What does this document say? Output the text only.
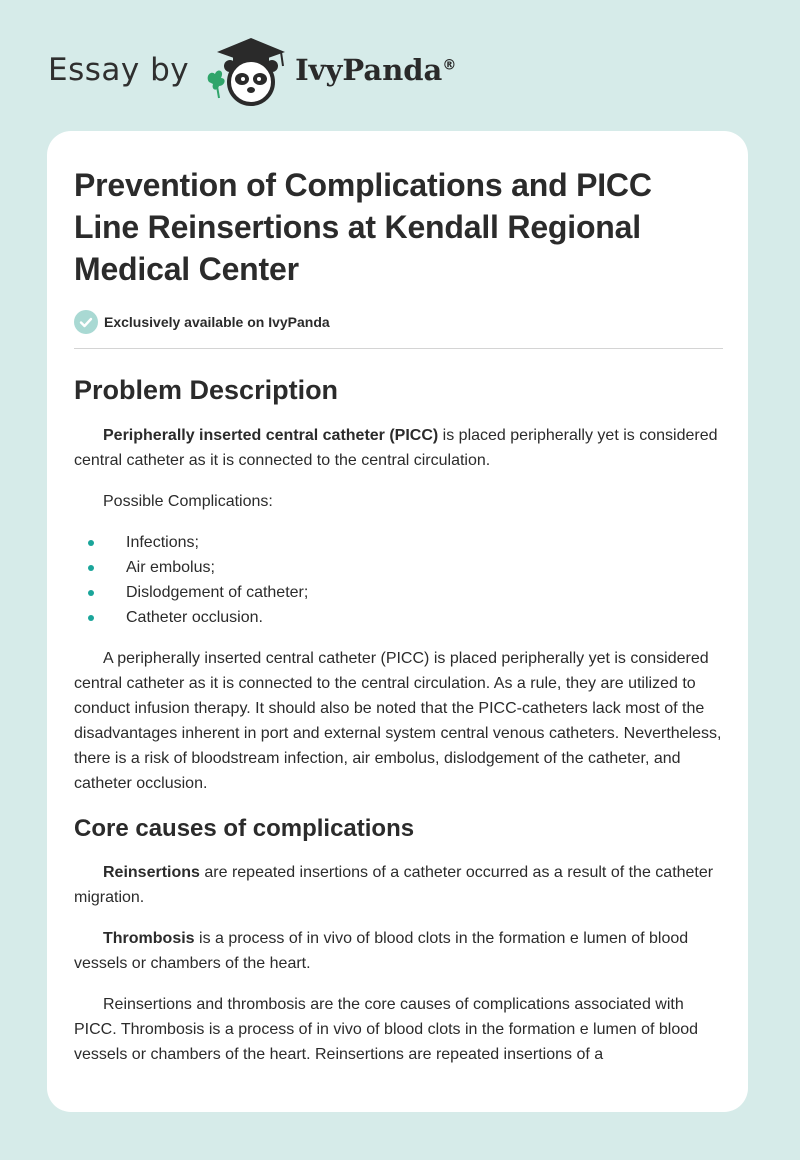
Essay by	IvyPanda®
Prevention of Complications and PICC Line Reinsertions at Kendall Regional Medical Center
Exclusively available on IvyPanda
Problem Description

Peripherally inserted central catheter (PICC) is placed peripherally yet is considered central catheter as it is connected to the central circulation.

Possible Complications:

Infections;
Air embolus;
Dislodgement of catheter;
Catheter occlusion.

A peripherally inserted central catheter (PICC) is placed peripherally yet is considered central catheter as it is connected to the central circulation. As a rule, they are utilized to conduct infusion therapy. It should also be noted that the PICC-catheters lack most of the disadvantages inherent in port and external system central venous catheters. Nevertheless, there is a risk of bloodstream infection, air embolus, dislodgement of the catheter, and catheter occlusion.

Core causes of complications

Reinsertions are repeated insertions of a catheter occurred as a result of the catheter migration.

Thrombosis is a process of in vivo of blood clots in the formation e lumen of blood vessels or chambers of the heart.

Reinsertions and thrombosis are the core causes of complications associated with PICC. Thrombosis is a process of in vivo of blood clots in the formation e lumen of blood vessels or chambers of the heart. Reinsertions are repeated insertions of a
